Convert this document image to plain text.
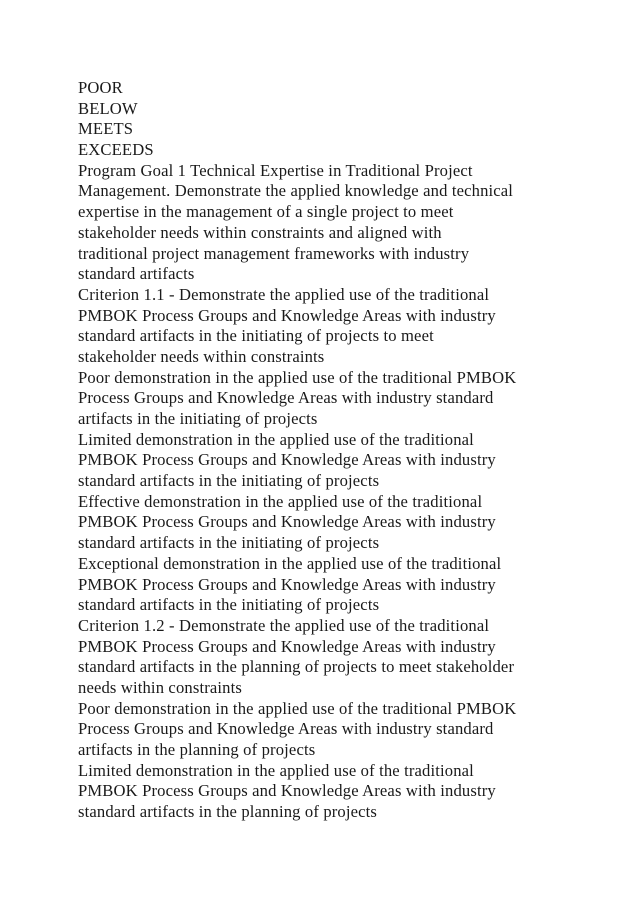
POOR
BELOW
MEETS
EXCEEDS
Program Goal 1 Technical Expertise in Traditional Project
Management. Demonstrate the applied knowledge and technical
expertise in the management of a single project to meet
stakeholder needs within constraints and aligned with
traditional project management frameworks with industry
standard artifacts
Criterion 1.1 - Demonstrate the applied use of the traditional
PMBOK Process Groups and Knowledge Areas with industry
standard artifacts in the initiating of projects to meet
stakeholder needs within constraints
Poor demonstration in the applied use of the traditional PMBOK
Process Groups and Knowledge Areas with industry standard
artifacts in the initiating of projects
Limited demonstration in the applied use of the traditional
PMBOK Process Groups and Knowledge Areas with industry
standard artifacts in the initiating of projects
Effective demonstration in the applied use of the traditional
PMBOK Process Groups and Knowledge Areas with industry
standard artifacts in the initiating of projects
Exceptional demonstration in the applied use of the traditional
PMBOK Process Groups and Knowledge Areas with industry
standard artifacts in the initiating of projects
Criterion 1.2 - Demonstrate the applied use of the traditional
PMBOK Process Groups and Knowledge Areas with industry
standard artifacts in the planning of projects to meet stakeholder
needs within constraints
Poor demonstration in the applied use of the traditional PMBOK
Process Groups and Knowledge Areas with industry standard
artifacts in the planning of projects
Limited demonstration in the applied use of the traditional
PMBOK Process Groups and Knowledge Areas with industry
standard artifacts in the planning of projects
